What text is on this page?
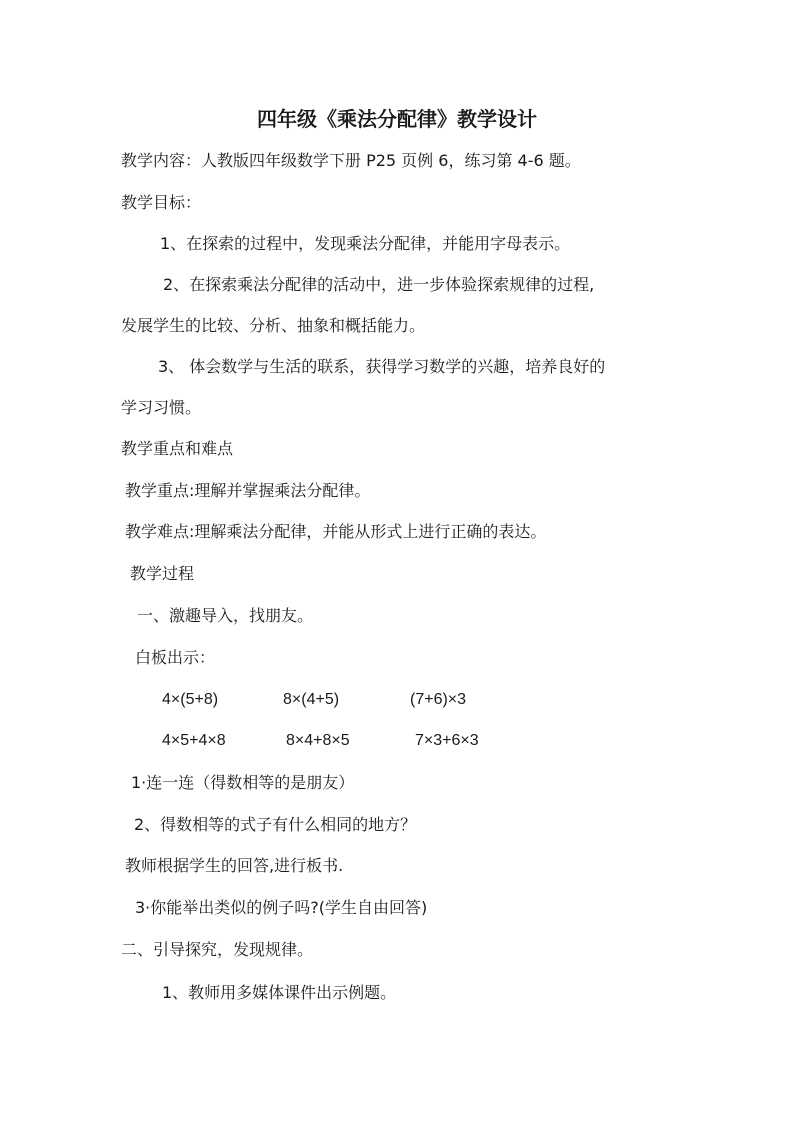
四年级《乘法分配律》教学设计
教学内容：人教版四年级数学下册 P25 页例 6，练习第 4-6 题。
教学目标：
1、在探索的过程中，发现乘法分配律，并能用字母表示。
2、在探索乘法分配律的活动中，进一步体验探索规律的过程,
发展学生的比较、分析、抽象和概括能力。
3、 体会数学与生活的联系，获得学习数学的兴趣，培养良好的
学习习惯。
教学重点和难点
教学重点:理解并掌握乘法分配律。
教学难点:理解乘法分配律，并能从形式上进行正确的表达。
教学过程
一、激趣导入，找朋友。
白板出示：
4×(5+8)	8×(4+5)	(7+6)×3
4×5+4×8	8×4+8×5	7×3+6×3
1·连一连（得数相等的是朋友）
2、得数相等的式子有什么相同的地方？
教师根据学生的回答,进行板书.
3·你能举出类似的例子吗?(学生自由回答)
二、引导探究，发现规律。
1、教师用多媒体课件出示例题。
